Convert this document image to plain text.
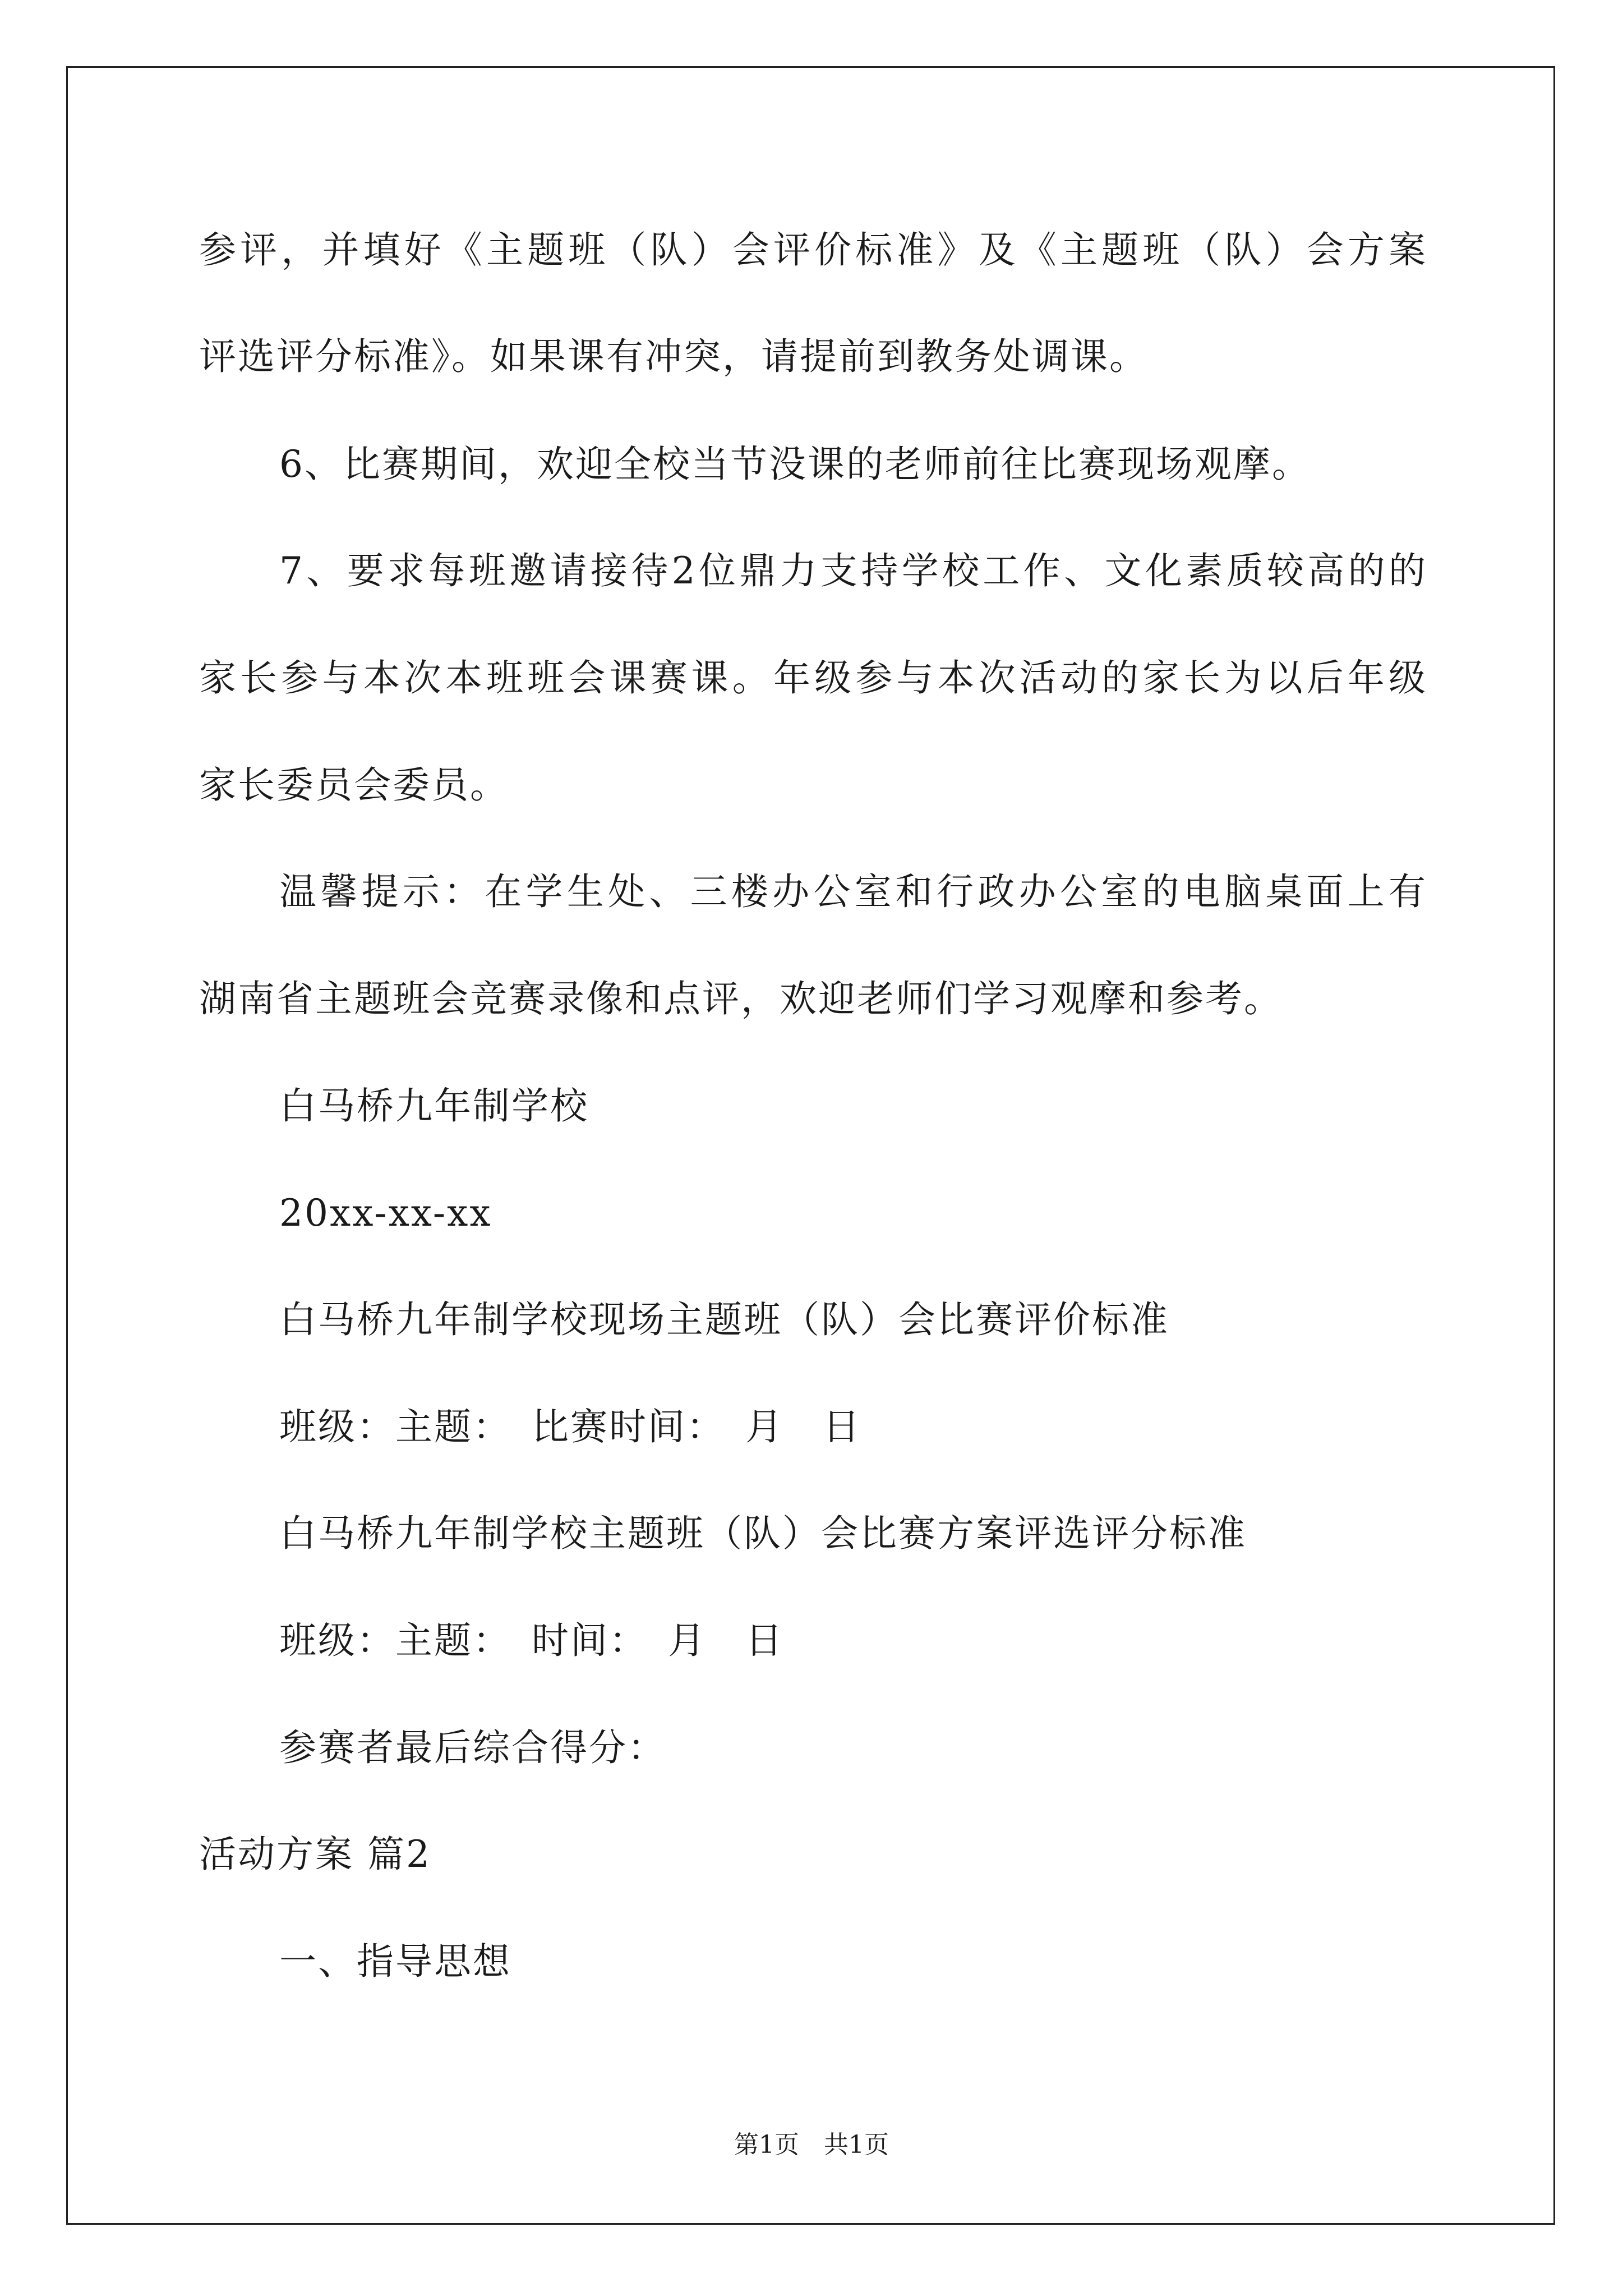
参评，并填好《主题班（队）会评价标准》及《主题班（队）会方案
评选评分标准》。如果课有冲突，请提前到教务处调课。
6、比赛期间，欢迎全校当节没课的老师前往比赛现场观摩。
7、要求每班邀请接待2位鼎力支持学校工作、文化素质较高的的
家长参与本次本班班会课赛课。年级参与本次活动的家长为以后年级
家长委员会委员。
温馨提示：在学生处、三楼办公室和行政办公室的电脑桌面上有
湖南省主题班会竞赛录像和点评，欢迎老师们学习观摩和参考。
白马桥九年制学校
20xx-xx-xx
白马桥九年制学校现场主题班（队）会比赛评价标准
班级：主题：　比赛时间：　月　日
白马桥九年制学校主题班（队）会比赛方案评选评分标准
班级：主题：　时间：　月　日
参赛者最后综合得分：
活动方案 篇2
一、指导思想
第1页　共1页
